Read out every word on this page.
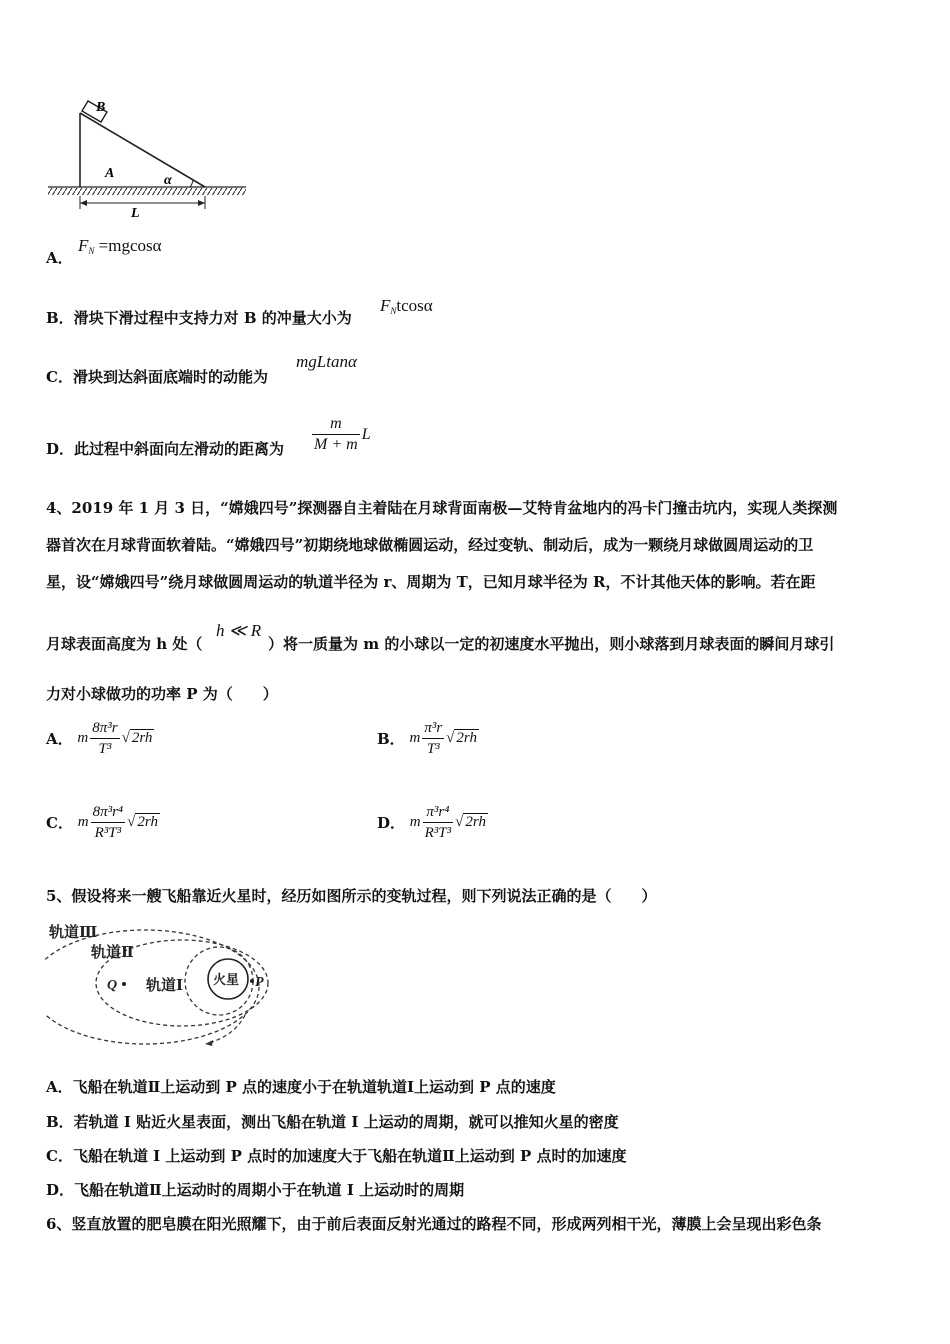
B
A	α
L
A．
$F_N =mgcos\alpha$
B．滑块下滑过程中支持力对 B 的冲量大小为
$F_Ntcos\alpha$
C．滑块到达斜面底端时的动能为
mgLtanα
D．此过程中斜面向左滑动的距离为 $\frac{m}{M + m}$ L
4、2019 年 1 月 3 日，“嫦娥四号”探测器自主着陆在月球背面南极—艾特肯盆地内的冯卡门撞击坑内，实现人类探测
器首次在月球背面软着陆。“嫦娥四号”初期绕地球做椭圆运动，经过变轨、制动后，成为一颗绕月球做圆周运动的卫
星，设“嫦娥四号”绕月球做圆周运动的轨道半径为 r、周期为 T，已知月球半径为 R，不计其他天体的影响。若在距
月球表面高度为 h 处（
h ≪ R
）将一质量为 m 的小球以一定的初速度水平抛出，则小球落到月球表面的瞬间月球引
力对小球做功的功率 P 为（　　）
A． m $\frac{\text{8π³r}}{\text{T³}}$ √ 2rh	B． m $\frac{\text{π³r}}{\text{T³}}$ √ 2rh
C． m $\frac{\text{8π³r⁴}}{\text{R³T³}}$ √ 2rh	D． m $\frac{\text{π³r⁴}}{\text{R³T³}}$ √ 2rh
5、假设将来一艘飞船靠近火星时，经历如图所示的变轨过程，则下列说法正确的是（　　）
轨道Ⅲ
轨道Ⅱ
轨道Ⅰ 火星
Q	P
A．飞船在轨道Ⅱ上运动到 P 点的速度小于在轨道轨道Ⅰ上运动到 P 点的速度
B．若轨道 I 贴近火星表面，测出飞船在轨道 I 上运动的周期，就可以推知火星的密度
C．飞船在轨道 I 上运动到 P 点时的加速度大于飞船在轨道Ⅱ上运动到 P 点时的加速度
D．飞船在轨道Ⅱ上运动时的周期小于在轨道 I 上运动时的周期
6、竖直放置的肥皂膜在阳光照耀下，由于前后表面反射光通过的路程不同，形成两列相干光，薄膜上会呈现出彩色条
